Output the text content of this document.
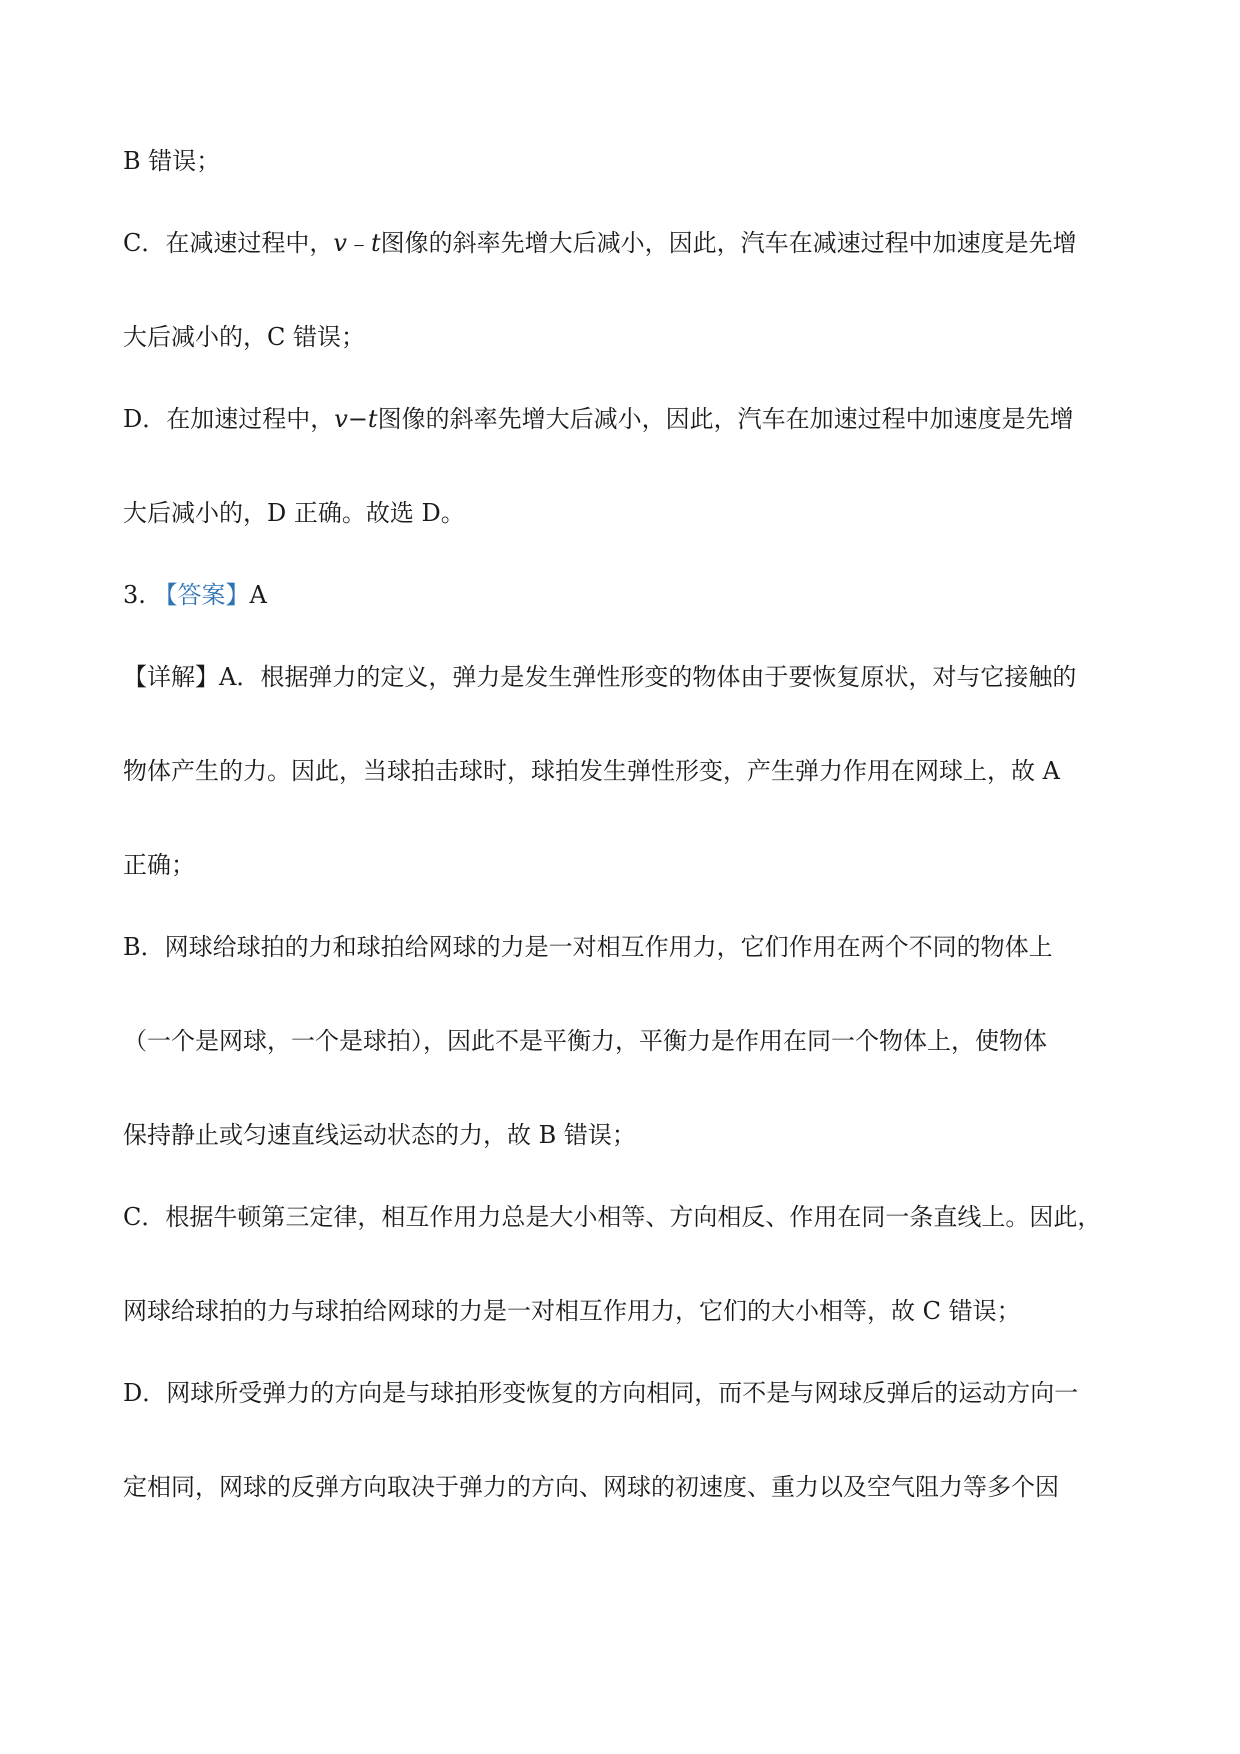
B 错误；

C．在减速过程中，v﹣t图像的斜率先增大后减小，因此，汽车在减速过程中加速度是先增

大后减小的，C 错误；

D．在加速过程中，v−t图像的斜率先增大后减小，因此，汽车在加速过程中加速度是先增

大后减小的，D 正确。故选 D。

3. 【答案】A

【详解】A．根据弹力的定义，弹力是发生弹性形变的物体由于要恢复原状，对与它接触的

物体产生的力。因此，当球拍击球时，球拍发生弹性形变，产生弹力作用在网球上，故 A

正确；

B．网球给球拍的力和球拍给网球的力是一对相互作用力，它们作用在两个不同的物体上

（一个是网球，一个是球拍），因此不是平衡力，平衡力是作用在同一个物体上，使物体

保持静止或匀速直线运动状态的力，故 B 错误；

C．根据牛顿第三定律，相互作用力总是大小相等、方向相反、作用在同一条直线上。因此，

网球给球拍的力与球拍给网球的力是一对相互作用力，它们的大小相等，故 C 错误；

D．网球所受弹力的方向是与球拍形变恢复的方向相同，而不是与网球反弹后的运动方向一

定相同，网球的反弹方向取决于弹力的方向、网球的初速度、重力以及空气阻力等多个因
